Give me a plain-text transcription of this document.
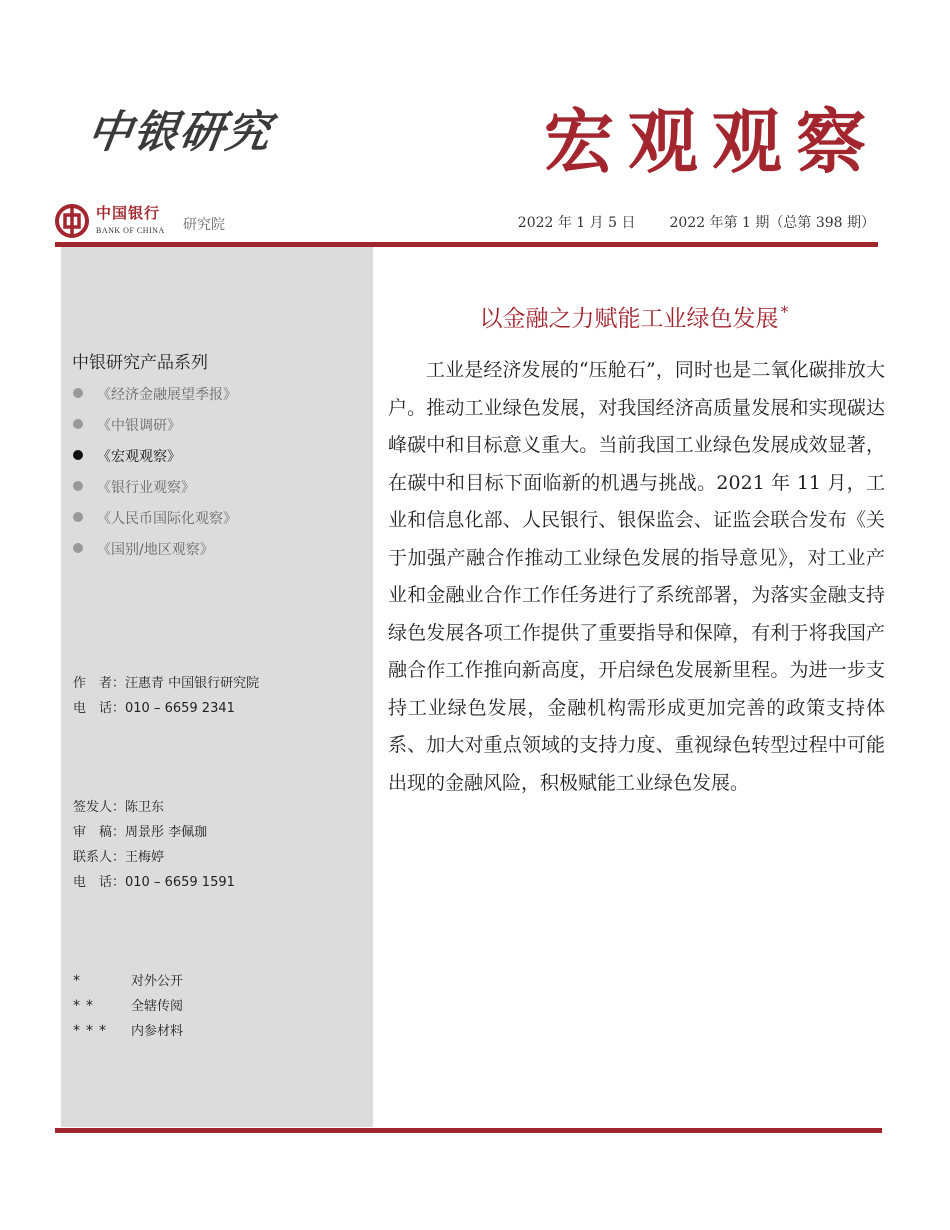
中银研究	宏观观察
中国银行
BANK OF CHINA 研究院	2022 年 1 月 5 日 2022 年第 1 期（总第 398 期）
中银研究产品系列
《经济金融展望季报》
《中银调研》
《宏观观察》
《银行业观察》
《人民币国际化观察》
《国别/地区观察》
作　者：汪惠青 中国银行研究院
电　话：010 – 6659 2341
签发人：陈卫东
审　稿：周景彤 李佩珈
联系人：王梅婷
电　话：010 – 6659 1591
*	对外公开
** 全辖传阅
*** 内参材料
以金融之力赋能工业绿色发展 *

工业是经济发展的“压舱石”，同时也是二氧化碳排放大户。推动工业绿色发展，对我国经济高质量发展和实现碳达峰碳中和目标意义重大。当前我国工业绿色发展成效显著，在碳中和目标下面临新的机遇与挑战。2021 年 11 月，工业和信息化部、人民银行、银保监会、证监会联合发布《关于加强产融合作推动工业绿色发展的指导意见》，对工业产业和金融业合作工作任务进行了系统部署，为落实金融支持绿色发展各项工作提供了重要指导和保障，有利于将我国产融合作工作推向新高度，开启绿色发展新里程。为进一步支持工业绿色发展，金融机构需形成更加完善的政策支持体系、加大对重点领域的支持力度、重视绿色转型过程中可能出现的金融风险，积极赋能工业绿色发展。
